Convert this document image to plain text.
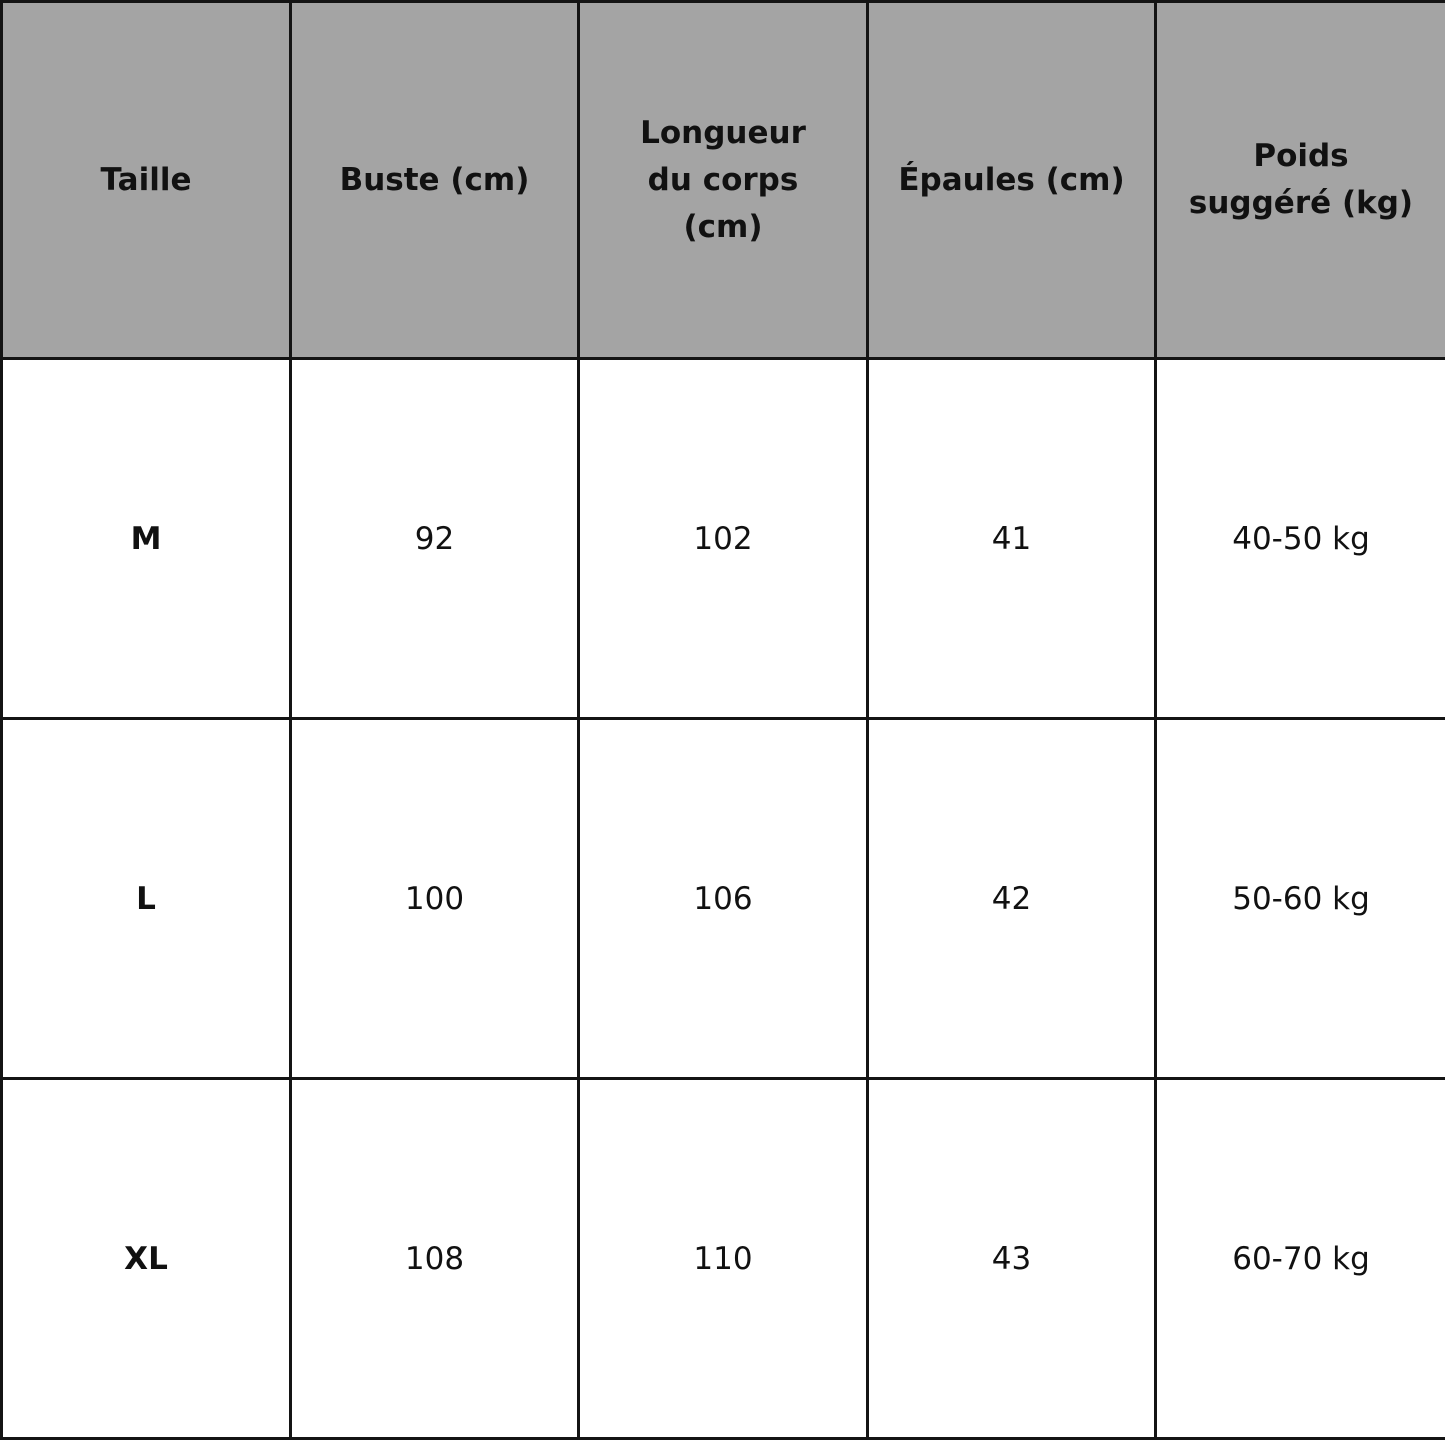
Taille	Buste (cm)	Longueur du corps (cm)	Épaules (cm)	Poids suggéré (kg)
M	92	102	41	40-50 kg
L	100	106	42	50-60 kg
XL	108	110	43	60-70 kg
